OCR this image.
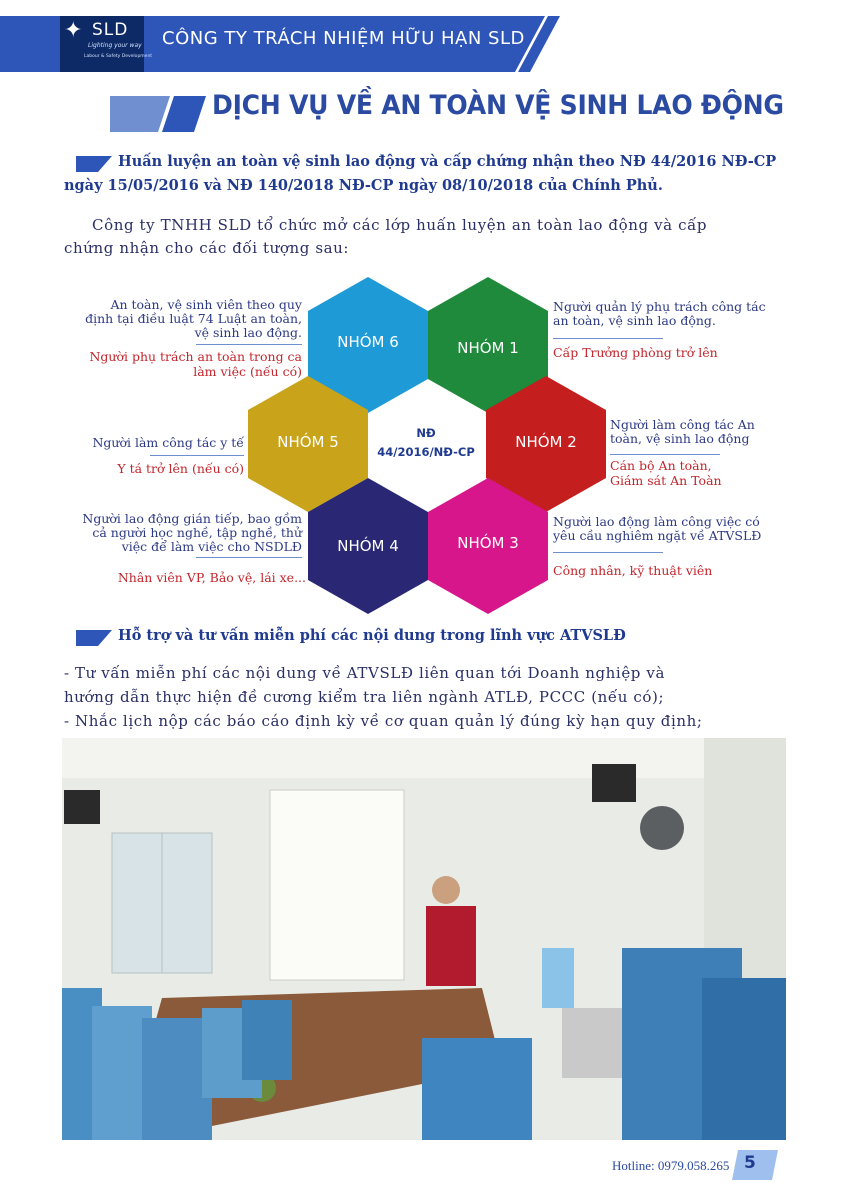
✦ SLD
Lighting your way
Labour & Safety Development
CÔNG TY TRÁCH NHIỆM HỮU HẠN SLD
DỊCH VỤ VỀ AN TOÀN VỆ SINH LAO ĐỘNG
Huấn luyện an toàn vệ sinh lao động và cấp chứng nhận theo NĐ 44/2016 NĐ-CP
ngày 15/05/2016 và NĐ 140/2018 NĐ-CP ngày 08/10/2018 của Chính Phủ.
Công ty TNHH SLD tổ chức mở các lớp huấn luyện an toàn lao động và cấp
chứng nhận cho các đối tượng sau:
NHÓM 6	NHÓM 1
NHÓM 5	NHÓM 2
NHÓM 4	NHÓM 3
NĐ
44/2016/NĐ-CP
An toàn, vệ sinh viên theo quy
định tại điều luật 74 Luật an toàn,
vệ sinh lao động.
Người phụ trách an toàn trong ca
làm việc (nếu có)
Người quản lý phụ trách công tác
an toàn, vệ sinh lao động.
Cấp Trưởng phòng trở lên
Người làm công tác y tế
Y tá trở lên (nếu có)
Người làm công tác An
toàn, vệ sinh lao động
Cán bộ An toàn,
Giám sát An Toàn
Người lao động gián tiếp, bao gồm
cả người học nghề, tập nghề, thử
việc để làm việc cho NSDLĐ
Nhân viên VP, Bảo vệ, lái xe...
Người lao động làm công việc có
yêu cầu nghiêm ngặt về ATVSLĐ
Công nhân, kỹ thuật viên
Hỗ trợ và tư vấn miễn phí các nội dung trong lĩnh vực ATVSLĐ
- Tư vấn miễn phí các nội dung về ATVSLĐ liên quan tới Doanh nghiệp và
hướng dẫn thực hiện đề cương kiểm tra liên ngành ATLĐ, PCCC (nếu có);
- Nhắc lịch nộp các báo cáo định kỳ về cơ quan quản lý đúng kỳ hạn quy định;
Hotline: 0979.058.265 5
